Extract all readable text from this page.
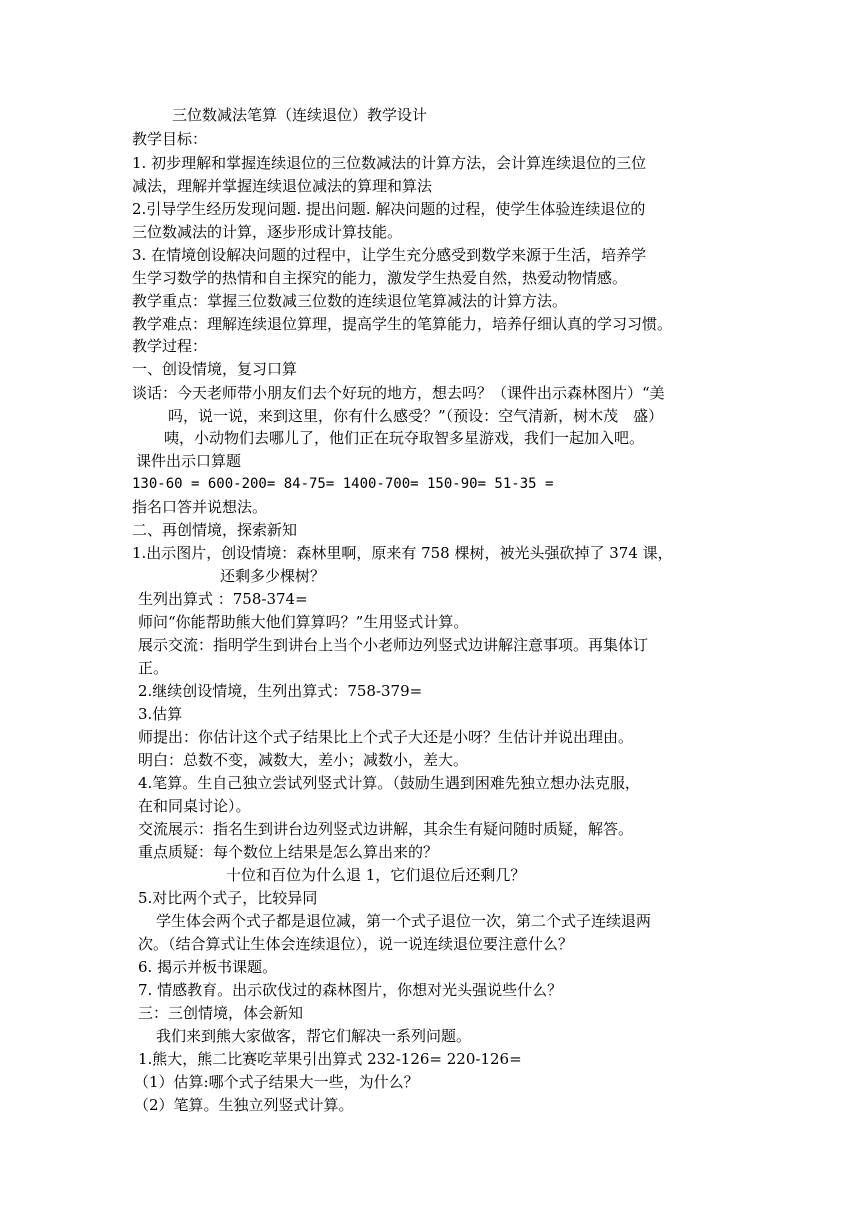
三位数减法笔算（连续退位）教学设计
教学目标：
1. 初步理解和掌握连续退位的三位数减法的计算方法，会计算连续退位的三位
减法，理解并掌握连续退位减法的算理和算法
2.引导学生经历发现问题. 提出问题. 解决问题的过程，使学生体验连续退位的
三位数减法的计算，逐步形成计算技能。
3. 在情境创设解决问题的过程中，让学生充分感受到数学来源于生活，培养学
生学习数学的热情和自主探究的能力，激发学生热爱自然，热爱动物情感。
教学重点：掌握三位数减三位数的连续退位笔算减法的计算方法。
教学难点：理解连续退位算理，提高学生的笔算能力，培养仔细认真的学习习惯。
教学过程：
一、创设情境，复习口算
谈话：今天老师带小朋友们去个好玩的地方，想去吗？（课件出示森林图片）“美
吗，说一说，来到这里，你有什么感受？”（预设：空气清新，树木茂　盛）
咦，小动物们去哪儿了，他们正在玩夺取智多星游戏，我们一起加入吧。
课件出示口算题
130-60 = 600-200= 84-75= 1400-700= 150-90= 51-35 =
指名口答并说想法。
二、再创情境，探索新知
1.出示图片，创设情境：森林里啊，原来有 758 棵树，被光头强砍掉了 374 课，
还剩多少棵树？
生列出算式 ：758-374=
师问“你能帮助熊大他们算算吗？”生用竖式计算。
展示交流：指明学生到讲台上当个小老师边列竖式边讲解注意事项。再集体订
正。
2.继续创设情境，生列出算式：758-379=
3.估算
师提出：你估计这个式子结果比上个式子大还是小呀？生估计并说出理由。
明白：总数不变，减数大，差小；减数小，差大。
4.笔算。生自己独立尝试列竖式计算。（鼓励生遇到困难先独立想办法克服，
在和同桌讨论）。
交流展示：指名生到讲台边列竖式边讲解，其余生有疑问随时质疑，解答。
重点质疑：每个数位上结果是怎么算出来的？
十位和百位为什么退 1，它们退位后还剩几？
5.对比两个式子，比较异同
学生体会两个式子都是退位减，第一个式子退位一次，第二个式子连续退两
次。（结合算式让生体会连续退位），说一说连续退位要注意什么？
6. 揭示并板书课题。
7. 情感教育。出示砍伐过的森林图片，你想对光头强说些什么？
三：三创情境，体会新知
我们来到熊大家做客，帮它们解决一系列问题。
1.熊大，熊二比赛吃苹果引出算式 232-126= 220-126=
（1）估算:哪个式子结果大一些，为什么？
（2）笔算。生独立列竖式计算。
